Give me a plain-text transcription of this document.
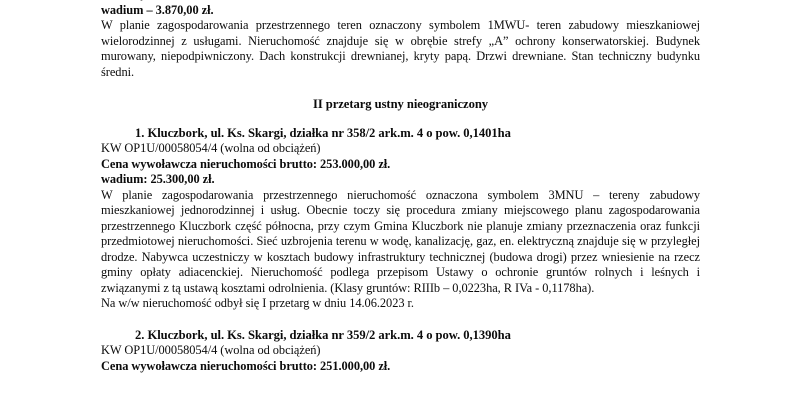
wadium – 3.870,00 zł.

W planie zagospodarowania przestrzennego teren oznaczony symbolem 1MWU- teren zabudowy mieszkaniowej wielorodzinnej z usługami. Nieruchomość znajduje się w obrębie strefy „A” ochrony konserwatorskiej. Budynek murowany, niepodpiwniczony. Dach konstrukcji drewnianej, kryty papą. Drzwi drewniane. Stan techniczny budynku średni.

II przetarg ustny nieograniczony

1. Kluczbork, ul. Ks. Skargi, działka nr 358/2 ark.m. 4 o pow. 0,1401ha

KW OP1U/00058054/4 (wolna od obciążeń)

Cena wywoławcza nieruchomości brutto: 253.000,00 zł.

wadium: 25.300,00 zł.

W planie zagospodarowania przestrzennego nieruchomość oznaczona symbolem 3MNU – tereny zabudowy mieszkaniowej jednorodzinnej i usług. Obecnie toczy się procedura zmiany miejscowego planu zagospodarowania przestrzennego Kluczbork część północna, przy czym Gmina Kluczbork nie planuje zmiany przeznaczenia oraz funkcji przedmiotowej nieruchomości. Sieć uzbrojenia terenu w wodę, kanalizację, gaz, en. elektryczną znajduje się w przyległej drodze. Nabywca uczestniczy w kosztach budowy infrastruktury technicznej (budowa drogi) przez wniesienie na rzecz gminy opłaty adiacenckiej. Nieruchomość podlega przepisom Ustawy o ochronie gruntów rolnych i leśnych i związanymi z tą ustawą kosztami odrolnienia. (Klasy gruntów: RIIIb – 0,0223ha, R IVa - 0,1178ha).

Na w/w nieruchomość odbył się I przetarg w dniu 14.06.2023 r.

2. Kluczbork, ul. Ks. Skargi, działka nr 359/2 ark.m. 4 o pow. 0,1390ha

KW OP1U/00058054/4 (wolna od obciążeń)

Cena wywoławcza nieruchomości brutto: 251.000,00 zł.
